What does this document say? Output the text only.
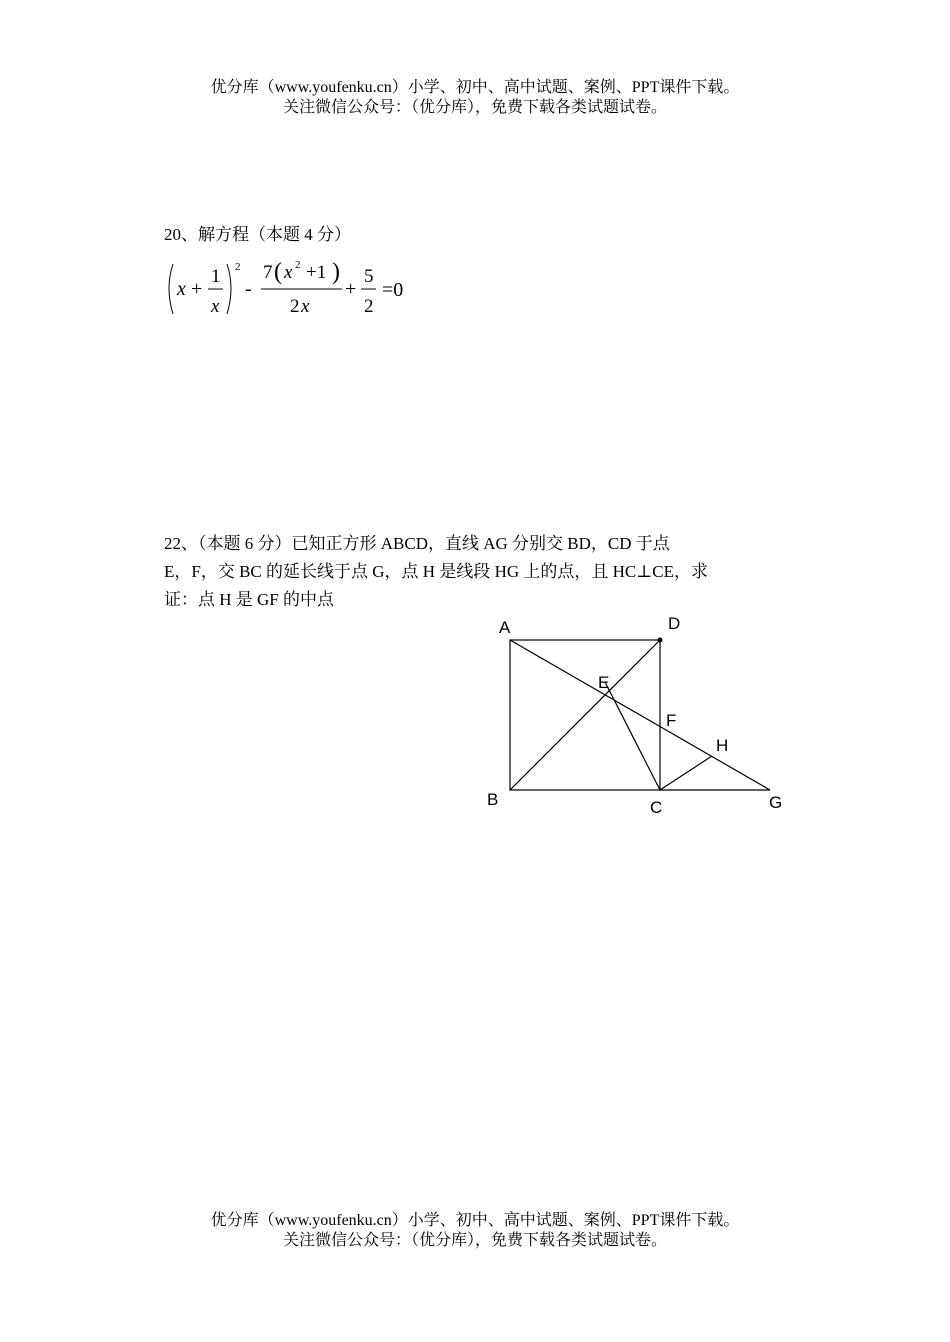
优分库（www.youfenku.cn）小学、初中、高中试题、案例、PPT课件下载。
关注微信公众号：（优分库），免费下载各类试题试卷。
20、解方程（本题 4 分）
x +
1
x
2
-
7 ( x 2 +1 )
2 x
+
5
2
=0
22、（本题 6 分）已知正方形 ABCD，直线 AG 分别交 BD，CD 于点
E，F，交 BC 的延长线于点 G，点 H 是线段 HG 上的点，且 HC⊥CE，求
证：点 H 是 GF 的中点
A	D
E
F
H
B	C	G
优分库（www.youfenku.cn）小学、初中、高中试题、案例、PPT课件下载。
关注微信公众号：（优分库），免费下载各类试题试卷。
